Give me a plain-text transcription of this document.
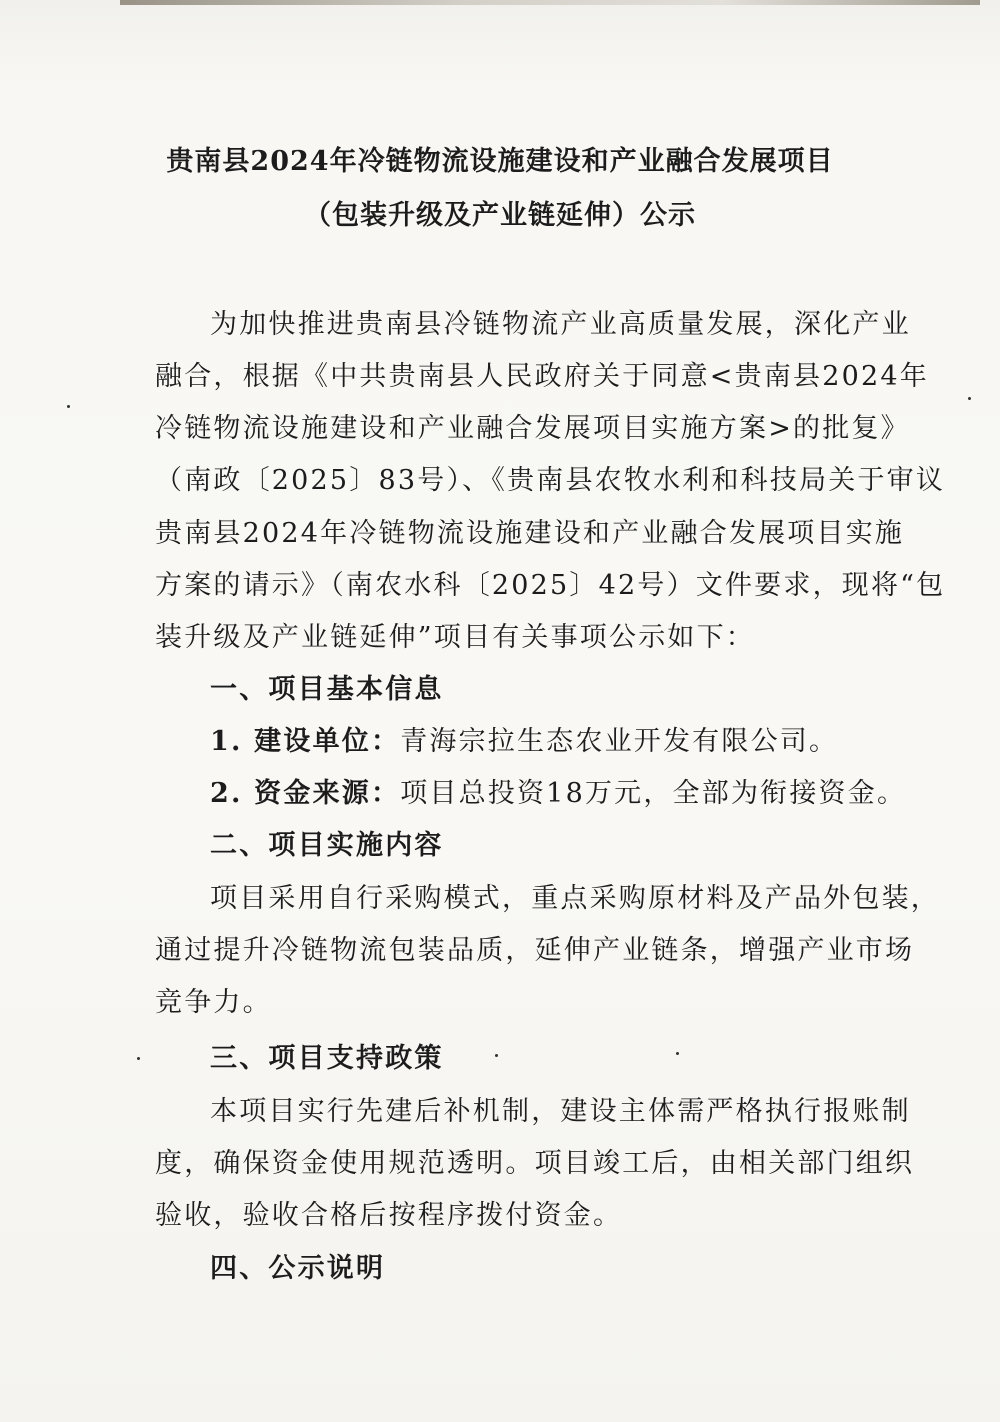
贵南县2024年冷链物流设施建设和产业融合发展项目
（包装升级及产业链延伸）公示
为加快推进贵南县冷链物流产业高质量发展，深化产业
融合，根据《中共贵南县人民政府关于同意<贵南县2024年
冷链物流设施建设和产业融合发展项目实施方案>的批复》
（南政〔2025〕83号）、《贵南县农牧水利和科技局关于审议
贵南县2024年冷链物流设施建设和产业融合发展项目实施
方案的请示》（南农水科〔2025〕42号）文件要求，现将“包
装升级及产业链延伸”项目有关事项公示如下：
一、项目基本信息
1. 建设单位：青海宗拉生态农业开发有限公司。
2. 资金来源：项目总投资18万元，全部为衔接资金。
二、项目实施内容
项目采用自行采购模式，重点采购原材料及产品外包装，
通过提升冷链物流包装品质，延伸产业链条，增强产业市场
竞争力。
三、项目支持政策
本项目实行先建后补机制，建设主体需严格执行报账制
度，确保资金使用规范透明。项目竣工后，由相关部门组织
验收，验收合格后按程序拨付资金。
四、公示说明
